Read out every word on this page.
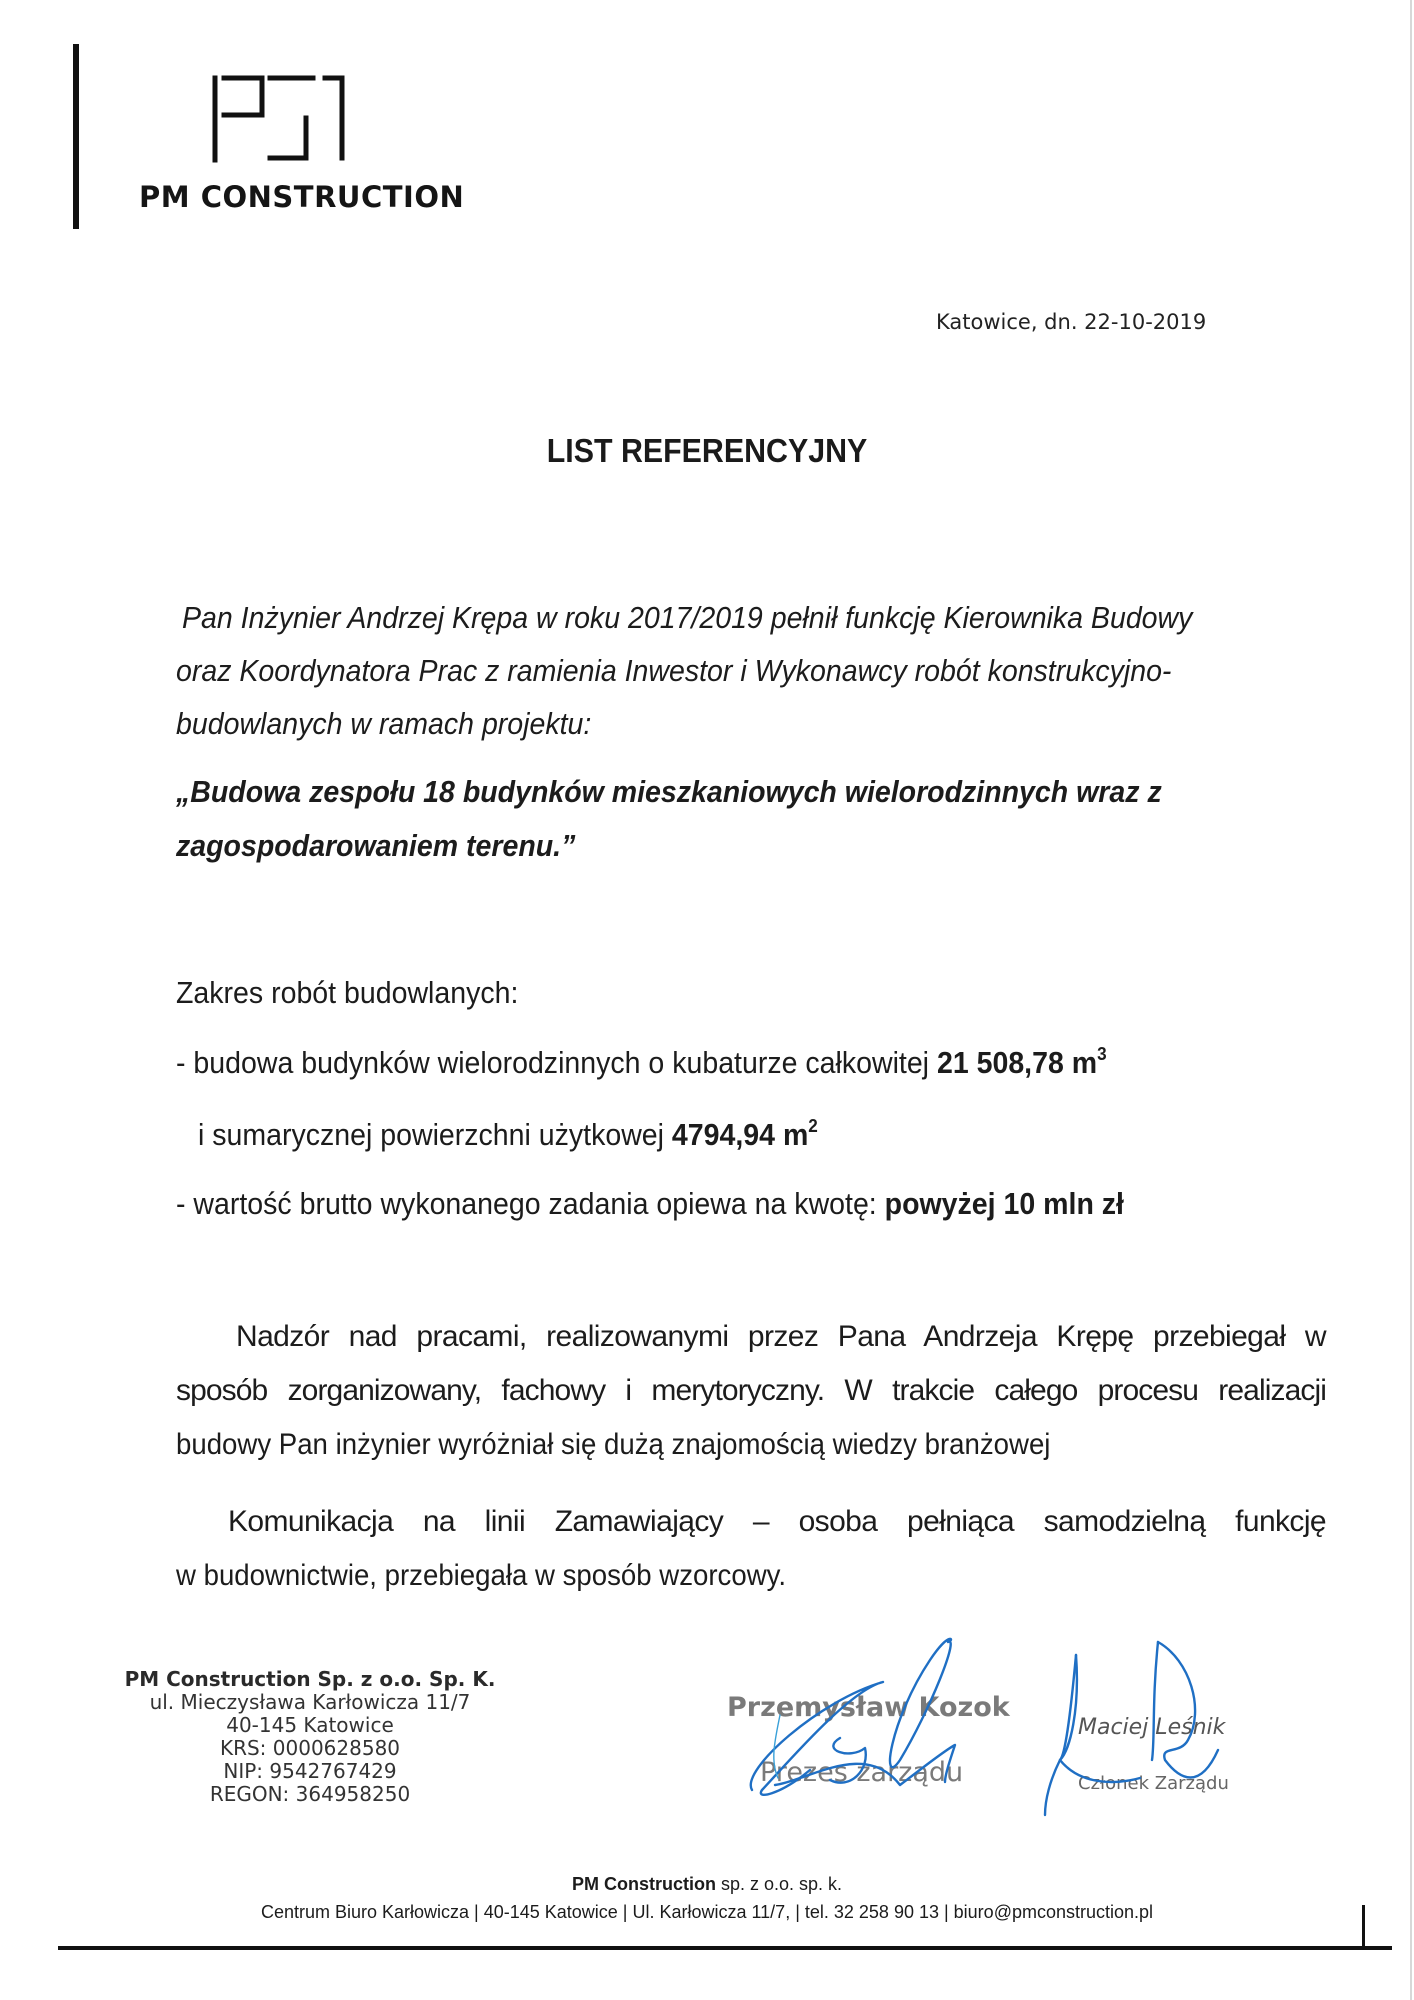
PM CONSTRUCTION
Katowice, dn. 22-10-2019
LIST REFERENCYJNY
Pan Inżynier Andrzej Krępa w roku 2017/2019 pełnił funkcję Kierownika Budowy
oraz Koordynatora Prac z ramienia Inwestor i Wykonawcy robót konstrukcyjno-
budowlanych w ramach projektu:
„Budowa zespołu 18 budynków mieszkaniowych wielorodzinnych wraz z
zagospodarowaniem terenu.”
Zakres robót budowlanych:
- budowa budynków wielorodzinnych o kubaturze całkowitej 21 508,78 $m^3$
i sumarycznej powierzchni użytkowej 4794,94 $m^2$
- wartość brutto wykonanego zadania opiewa na kwotę: powyżej 10 mln zł
Nadzór nad pracami, realizowanymi przez Pana Andrzeja Krępę przebiegał w
sposób zorganizowany, fachowy i merytoryczny. W trakcie całego procesu realizacji
budowy Pan inżynier wyróżniał się dużą znajomością wiedzy branżowej
Komunikacja na linii Zamawiający – osoba pełniąca samodzielną funkcję
w budownictwie, przebiegała w sposób wzorcowy.
PM Construction Sp. z o.o. Sp. K.
ul. Mieczysława Karłowicza 11/7
40-145 Katowice
KRS: 0000628580
NIP: 9542767429
REGON: 364958250
Przemysław Kozok
Prezes zarządu
Maciej Leśnik
Członek Zarządu
PM Construction sp. z o.o. sp. k.
Centrum Biuro Karłowicza | 40-145 Katowice | Ul. Karłowicza 11/7, | tel. 32 258 90 13 | biuro@pmconstruction.pl
